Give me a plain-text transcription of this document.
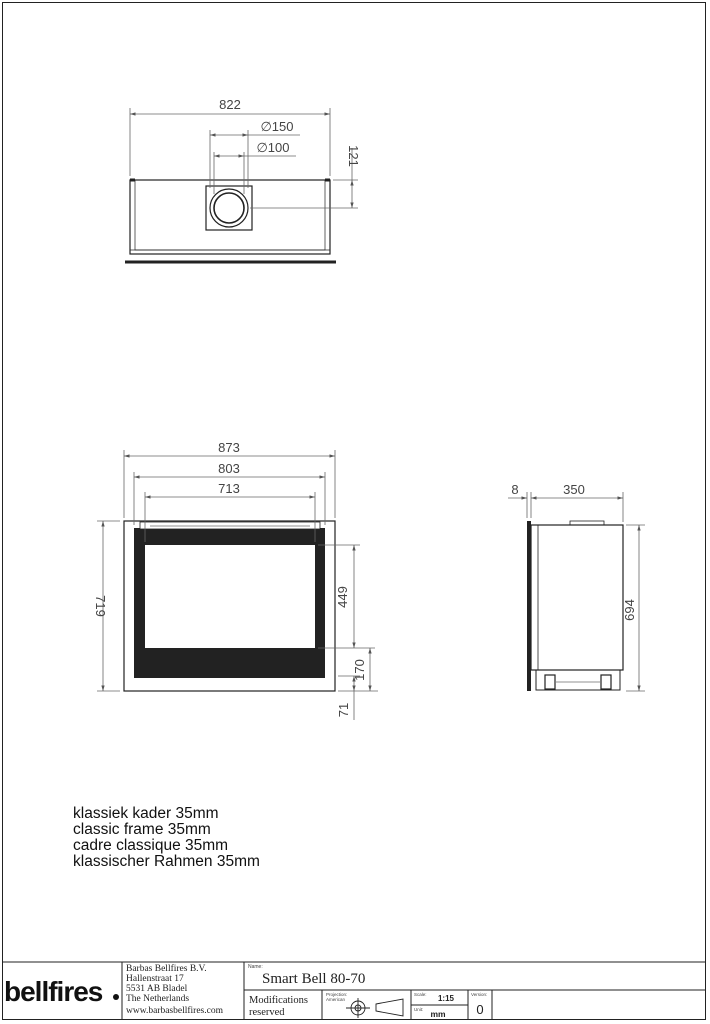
822
∅150
∅100	121
873
803
713
719	449
170
71
8	350
694
bellfires
Barbas Bellfires B.V.
Hallenstraat 17
5531 AB Bladel
The Netherlands
www.barbasbellfires.com
Name:
Smart Bell 80-70
Modifications
reserved
Projection:
American
Scale: 1:15
Unit: mm
Version:
0
klassiek kader 35mm
classic frame 35mm
cadre classique 35mm
klassischer Rahmen 35mm
